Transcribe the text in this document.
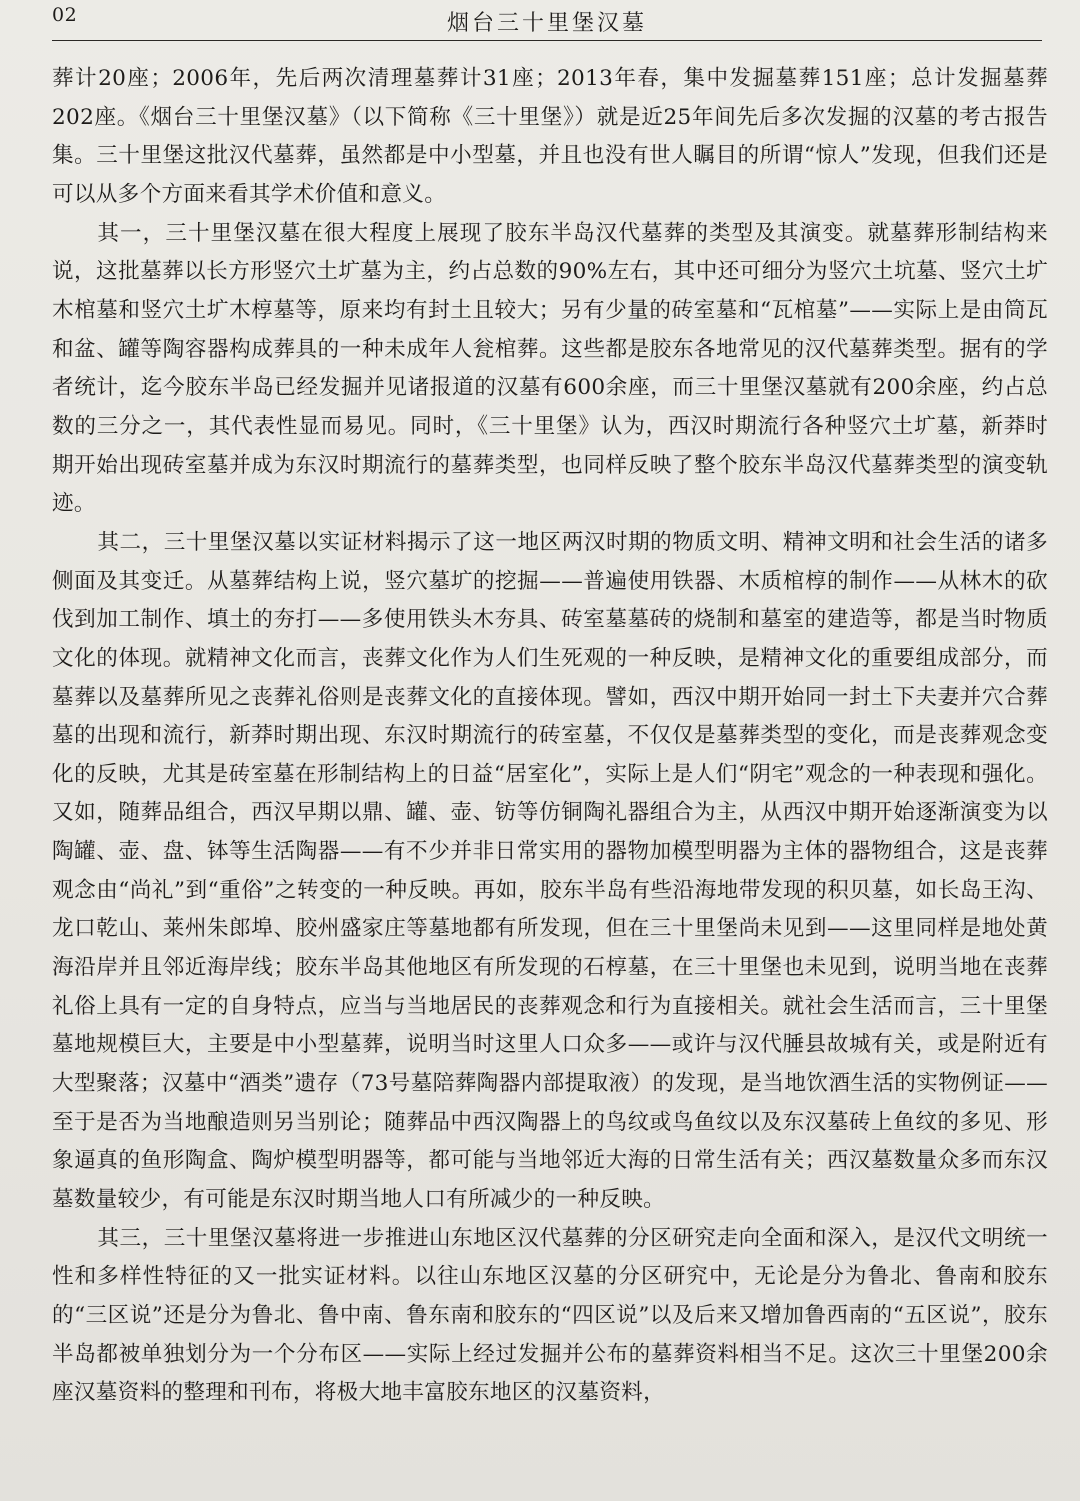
02	烟台三十里堡汉墓

葬计20座；2006年，先后两次清理墓葬计31座；2013年春，集中发掘墓葬151座；总计发掘墓葬202座。《烟台三十里堡汉墓》（以下简称《三十里堡》）就是近25年间先后多次发掘的汉墓的考古报告集。三十里堡这批汉代墓葬，虽然都是中小型墓，并且也没有世人瞩目的所谓“惊人”发现，但我们还是可以从多个方面来看其学术价值和意义。

其一，三十里堡汉墓在很大程度上展现了胶东半岛汉代墓葬的类型及其演变。就墓葬形制结构来说，这批墓葬以长方形竖穴土圹墓为主，约占总数的90%左右，其中还可细分为竖穴土坑墓、竖穴土圹木棺墓和竖穴土圹木椁墓等，原来均有封土且较大；另有少量的砖室墓和“瓦棺墓”——实际上是由筒瓦和盆、罐等陶容器构成葬具的一种未成年人瓮棺葬。这些都是胶东各地常见的汉代墓葬类型。据有的学者统计，迄今胶东半岛已经发掘并见诸报道的汉墓有600余座，而三十里堡汉墓就有200余座，约占总数的三分之一，其代表性显而易见。同时，《三十里堡》认为，西汉时期流行各种竖穴土圹墓，新莽时期开始出现砖室墓并成为东汉时期流行的墓葬类型，也同样反映了整个胶东半岛汉代墓葬类型的演变轨迹。

其二，三十里堡汉墓以实证材料揭示了这一地区两汉时期的物质文明、精神文明和社会生活的诸多侧面及其变迁。从墓葬结构上说，竖穴墓圹的挖掘——普遍使用铁器、木质棺椁的制作——从林木的砍伐到加工制作、填土的夯打——多使用铁头木夯具、砖室墓墓砖的烧制和墓室的建造等，都是当时物质文化的体现。就精神文化而言，丧葬文化作为人们生死观的一种反映，是精神文化的重要组成部分，而墓葬以及墓葬所见之丧葬礼俗则是丧葬文化的直接体现。譬如，西汉中期开始同一封土下夫妻并穴合葬墓的出现和流行，新莽时期出现、东汉时期流行的砖室墓，不仅仅是墓葬类型的变化，而是丧葬观念变化的反映，尤其是砖室墓在形制结构上的日益“居室化”，实际上是人们“阴宅”观念的一种表现和强化。又如，随葬品组合，西汉早期以鼎、罐、壶、钫等仿铜陶礼器组合为主，从西汉中期开始逐渐演变为以陶罐、壶、盘、钵等生活陶器——有不少并非日常实用的器物加模型明器为主体的器物组合，这是丧葬观念由“尚礼”到“重俗”之转变的一种反映。再如，胶东半岛有些沿海地带发现的积贝墓，如长岛王沟、龙口乾山、莱州朱郎埠、胶州盛家庄等墓地都有所发现，但在三十里堡尚未见到——这里同样是地处黄海沿岸并且邻近海岸线；胶东半岛其他地区有所发现的石椁墓，在三十里堡也未见到，说明当地在丧葬礼俗上具有一定的自身特点，应当与当地居民的丧葬观念和行为直接相关。就社会生活而言，三十里堡墓地规模巨大，主要是中小型墓葬，说明当时这里人口众多——或许与汉代腄县故城有关，或是附近有大型聚落；汉墓中“酒类”遗存（73号墓陪葬陶器内部提取液）的发现，是当地饮酒生活的实物例证——至于是否为当地酿造则另当别论；随葬品中西汉陶器上的鸟纹或鸟鱼纹以及东汉墓砖上鱼纹的多见、形象逼真的鱼形陶盒、陶炉模型明器等，都可能与当地邻近大海的日常生活有关；西汉墓数量众多而东汉墓数量较少，有可能是东汉时期当地人口有所减少的一种反映。

其三，三十里堡汉墓将进一步推进山东地区汉代墓葬的分区研究走向全面和深入，是汉代文明统一性和多样性特征的又一批实证材料。以往山东地区汉墓的分区研究中，无论是分为鲁北、鲁南和胶东的“三区说”还是分为鲁北、鲁中南、鲁东南和胶东的“四区说”以及后来又增加鲁西南的“五区说”，胶东半岛都被单独划分为一个分布区——实际上经过发掘并公布的墓葬资料相当不足。这次三十里堡200余座汉墓资料的整理和刊布，将极大地丰富胶东地区的汉墓资料，
